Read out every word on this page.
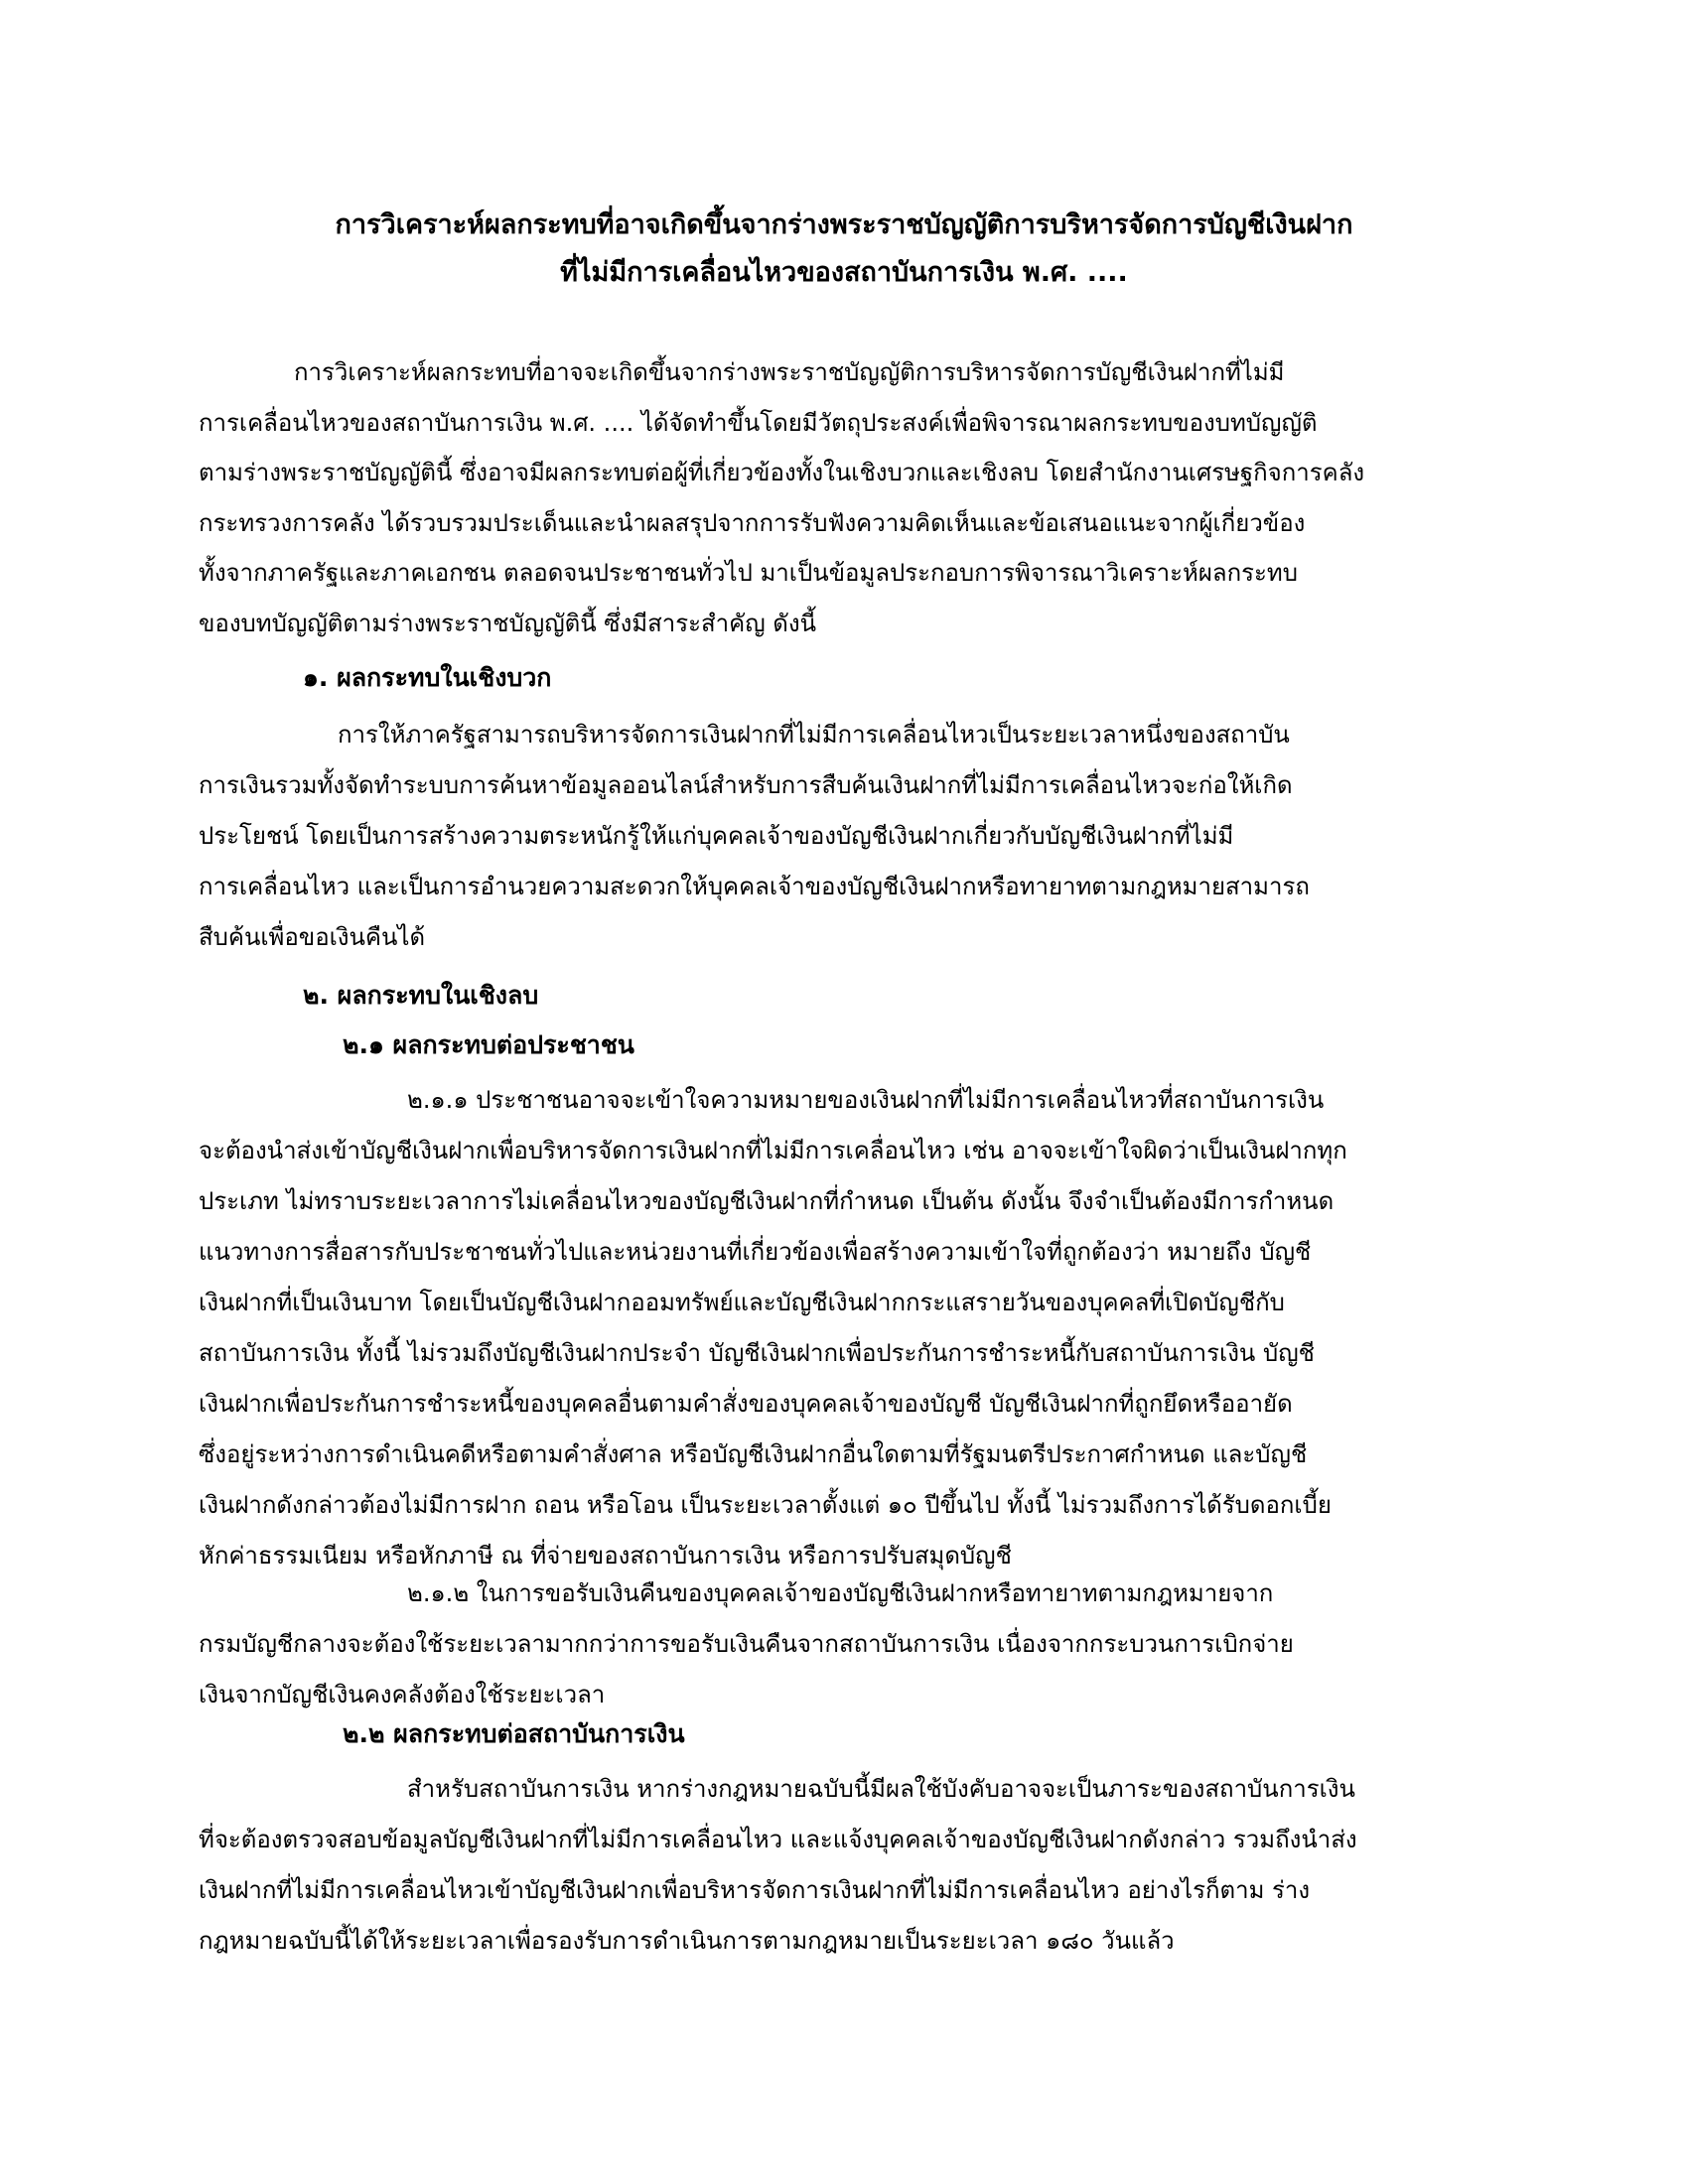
การวิเคราะห์ผลกระทบที่อาจเกิดขึ้นจากร่างพระราชบัญญัติการบริหารจัดการบัญชีเงินฝาก
ที่ไม่มีการเคลื่อนไหวของสถาบันการเงิน พ.ศ. ....
การวิเคราะห์ผลกระทบที่อาจจะเกิดขึ้นจากร่างพระราชบัญญัติการบริหารจัดการบัญชีเงินฝากที่ไม่มี
การเคลื่อนไหวของสถาบันการเงิน พ.ศ. .... ได้จัดทำขึ้นโดยมีวัตถุประสงค์เพื่อพิจารณาผลกระทบของบทบัญญัติ
ตามร่างพระราชบัญญัตินี้ ซึ่งอาจมีผลกระทบต่อผู้ที่เกี่ยวข้องทั้งในเชิงบวกและเชิงลบ โดยสำนักงานเศรษฐกิจการคลัง
กระทรวงการคลัง ได้รวบรวมประเด็นและนำผลสรุปจากการรับฟังความคิดเห็นและข้อเสนอแนะจากผู้เกี่ยวข้อง
ทั้งจากภาครัฐและภาคเอกชน ตลอดจนประชาชนทั่วไป มาเป็นข้อมูลประกอบการพิจารณาวิเคราะห์ผลกระทบ
ของบทบัญญัติตามร่างพระราชบัญญัตินี้ ซึ่งมีสาระสำคัญ ดังนี้
๑. ผลกระทบในเชิงบวก
การให้ภาครัฐสามารถบริหารจัดการเงินฝากที่ไม่มีการเคลื่อนไหวเป็นระยะเวลาหนึ่งของสถาบัน
การเงินรวมทั้งจัดทำระบบการค้นหาข้อมูลออนไลน์สำหรับการสืบค้นเงินฝากที่ไม่มีการเคลื่อนไหวจะก่อให้เกิด
ประโยชน์ โดยเป็นการสร้างความตระหนักรู้ให้แก่บุคคลเจ้าของบัญชีเงินฝากเกี่ยวกับบัญชีเงินฝากที่ไม่มี
การเคลื่อนไหว และเป็นการอำนวยความสะดวกให้บุคคลเจ้าของบัญชีเงินฝากหรือทายาทตามกฎหมายสามารถ
สืบค้นเพื่อขอเงินคืนได้
๒. ผลกระทบในเชิงลบ
๒.๑ ผลกระทบต่อประชาชน
๒.๑.๑ ประชาชนอาจจะเข้าใจความหมายของเงินฝากที่ไม่มีการเคลื่อนไหวที่สถาบันการเงิน
จะต้องนำส่งเข้าบัญชีเงินฝากเพื่อบริหารจัดการเงินฝากที่ไม่มีการเคลื่อนไหว เช่น อาจจะเข้าใจผิดว่าเป็นเงินฝากทุก
ประเภท ไม่ทราบระยะเวลาการไม่เคลื่อนไหวของบัญชีเงินฝากที่กำหนด เป็นต้น ดังนั้น จึงจำเป็นต้องมีการกำหนด
แนวทางการสื่อสารกับประชาชนทั่วไปและหน่วยงานที่เกี่ยวข้องเพื่อสร้างความเข้าใจที่ถูกต้องว่า หมายถึง บัญชี
เงินฝากที่เป็นเงินบาท โดยเป็นบัญชีเงินฝากออมทรัพย์และบัญชีเงินฝากกระแสรายวันของบุคคลที่เปิดบัญชีกับ
สถาบันการเงิน ทั้งนี้ ไม่รวมถึงบัญชีเงินฝากประจำ บัญชีเงินฝากเพื่อประกันการชำระหนี้กับสถาบันการเงิน บัญชี
เงินฝากเพื่อประกันการชำระหนี้ของบุคคลอื่นตามคำสั่งของบุคคลเจ้าของบัญชี บัญชีเงินฝากที่ถูกยึดหรืออายัด
ซึ่งอยู่ระหว่างการดำเนินคดีหรือตามคำสั่งศาล หรือบัญชีเงินฝากอื่นใดตามที่รัฐมนตรีประกาศกำหนด และบัญชี
เงินฝากดังกล่าวต้องไม่มีการฝาก ถอน หรือโอน เป็นระยะเวลาตั้งแต่ ๑๐ ปีขึ้นไป ทั้งนี้ ไม่รวมถึงการได้รับดอกเบี้ย
หักค่าธรรมเนียม หรือหักภาษี ณ ที่จ่ายของสถาบันการเงิน หรือการปรับสมุดบัญชี
๒.๑.๒ ในการขอรับเงินคืนของบุคคลเจ้าของบัญชีเงินฝากหรือทายาทตามกฎหมายจาก
กรมบัญชีกลางจะต้องใช้ระยะเวลามากกว่าการขอรับเงินคืนจากสถาบันการเงิน เนื่องจากกระบวนการเบิกจ่าย
เงินจากบัญชีเงินคงคลังต้องใช้ระยะเวลา
๒.๒ ผลกระทบต่อสถาบันการเงิน
สำหรับสถาบันการเงิน หากร่างกฎหมายฉบับนี้มีผลใช้บังคับอาจจะเป็นภาระของสถาบันการเงิน
ที่จะต้องตรวจสอบข้อมูลบัญชีเงินฝากที่ไม่มีการเคลื่อนไหว และแจ้งบุคคลเจ้าของบัญชีเงินฝากดังกล่าว รวมถึงนำส่ง
เงินฝากที่ไม่มีการเคลื่อนไหวเข้าบัญชีเงินฝากเพื่อบริหารจัดการเงินฝากที่ไม่มีการเคลื่อนไหว อย่างไรก็ตาม ร่าง
กฎหมายฉบับนี้ได้ให้ระยะเวลาเพื่อรองรับการดำเนินการตามกฎหมายเป็นระยะเวลา ๑๘๐ วันแล้ว
